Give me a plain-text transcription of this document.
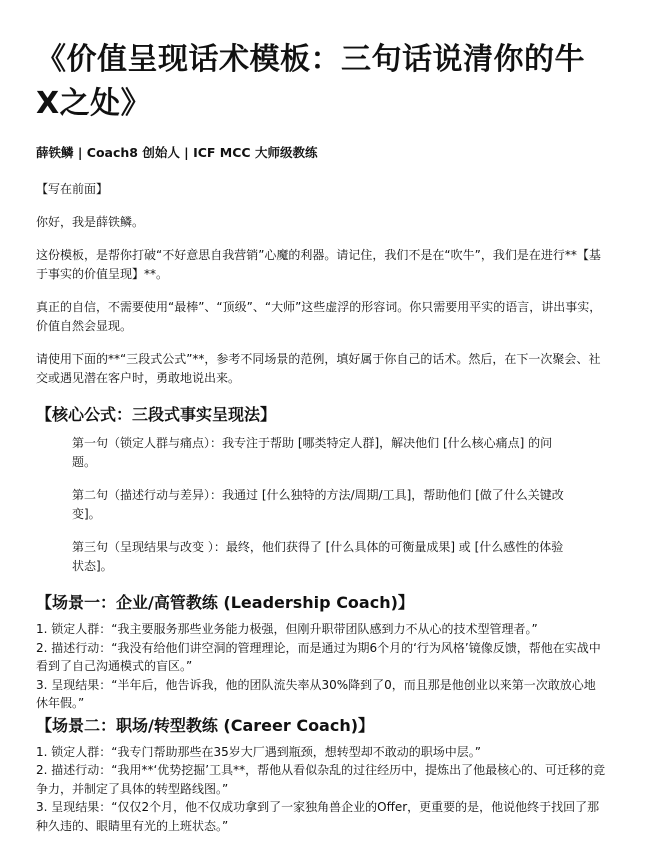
《价值呈现话术模板：三句话说清你的牛X之处》
薛铁鳞 | Coach8 创始人 | ICF MCC 大师级教练
【写在前面】
你好，我是薛铁鳞。
这份模板，是帮你打破“不好意思自我营销”心魔的利器。请记住，我们不是在“吹牛”，我们是在进行**【基于事实的价值呈现】**。
真正的自信，不需要使用“最棒”、“顶级”、“大师”这些虚浮的形容词。你只需要用平实的语言，讲出事实，价值自然会显现。
请使用下面的**“三段式公式”**，参考不同场景的范例，填好属于你自己的话术。然后，在下一次聚会、社交或遇见潜在客户时，勇敢地说出来。
【核心公式：三段式事实呈现法】
第一句（锁定人群与痛点）：我专注于帮助 [哪类特定人群]，解决他们 [什么核心痛点] 的问题。
第二句（描述行动与差异）：我通过 [什么独特的方法/周期/工具]，帮助他们 [做了什么关键改变]。
第三句（呈现结果与改变 ）：最终，他们获得了 [什么具体的可衡量成果] 或 [什么感性的体验状态]。
【场景一：企业/高管教练 (Leadership Coach)】
1. 锁定人群：“我主要服务那些业务能力极强，但刚升职带团队感到力不从心的技术型管理者。”
2. 描述行动：“我没有给他们讲空洞的管理理论，而是通过为期6个月的‘行为风格’镜像反馈，帮他在实战中看到了自己沟通模式的盲区。”
3. 呈现结果：“半年后，他告诉我，他的团队流失率从30%降到了0，而且那是他创业以来第一次敢放心地休年假。”
【场景二：职场/转型教练 (Career Coach)】
1. 锁定人群：“我专门帮助那些在35岁大厂遇到瓶颈，想转型却不敢动的职场中层。”
2. 描述行动：“我用**‘优势挖掘’工具**，帮他从看似杂乱的过往经历中，提炼出了他最核心的、可迁移的竞争力，并制定了具体的转型路线图。”
3. 呈现结果：“仅仅2个月，他不仅成功拿到了一家独角兽企业的Offer，更重要的是，他说他终于找回了那种久违的、眼睛里有光的上班状态。”
